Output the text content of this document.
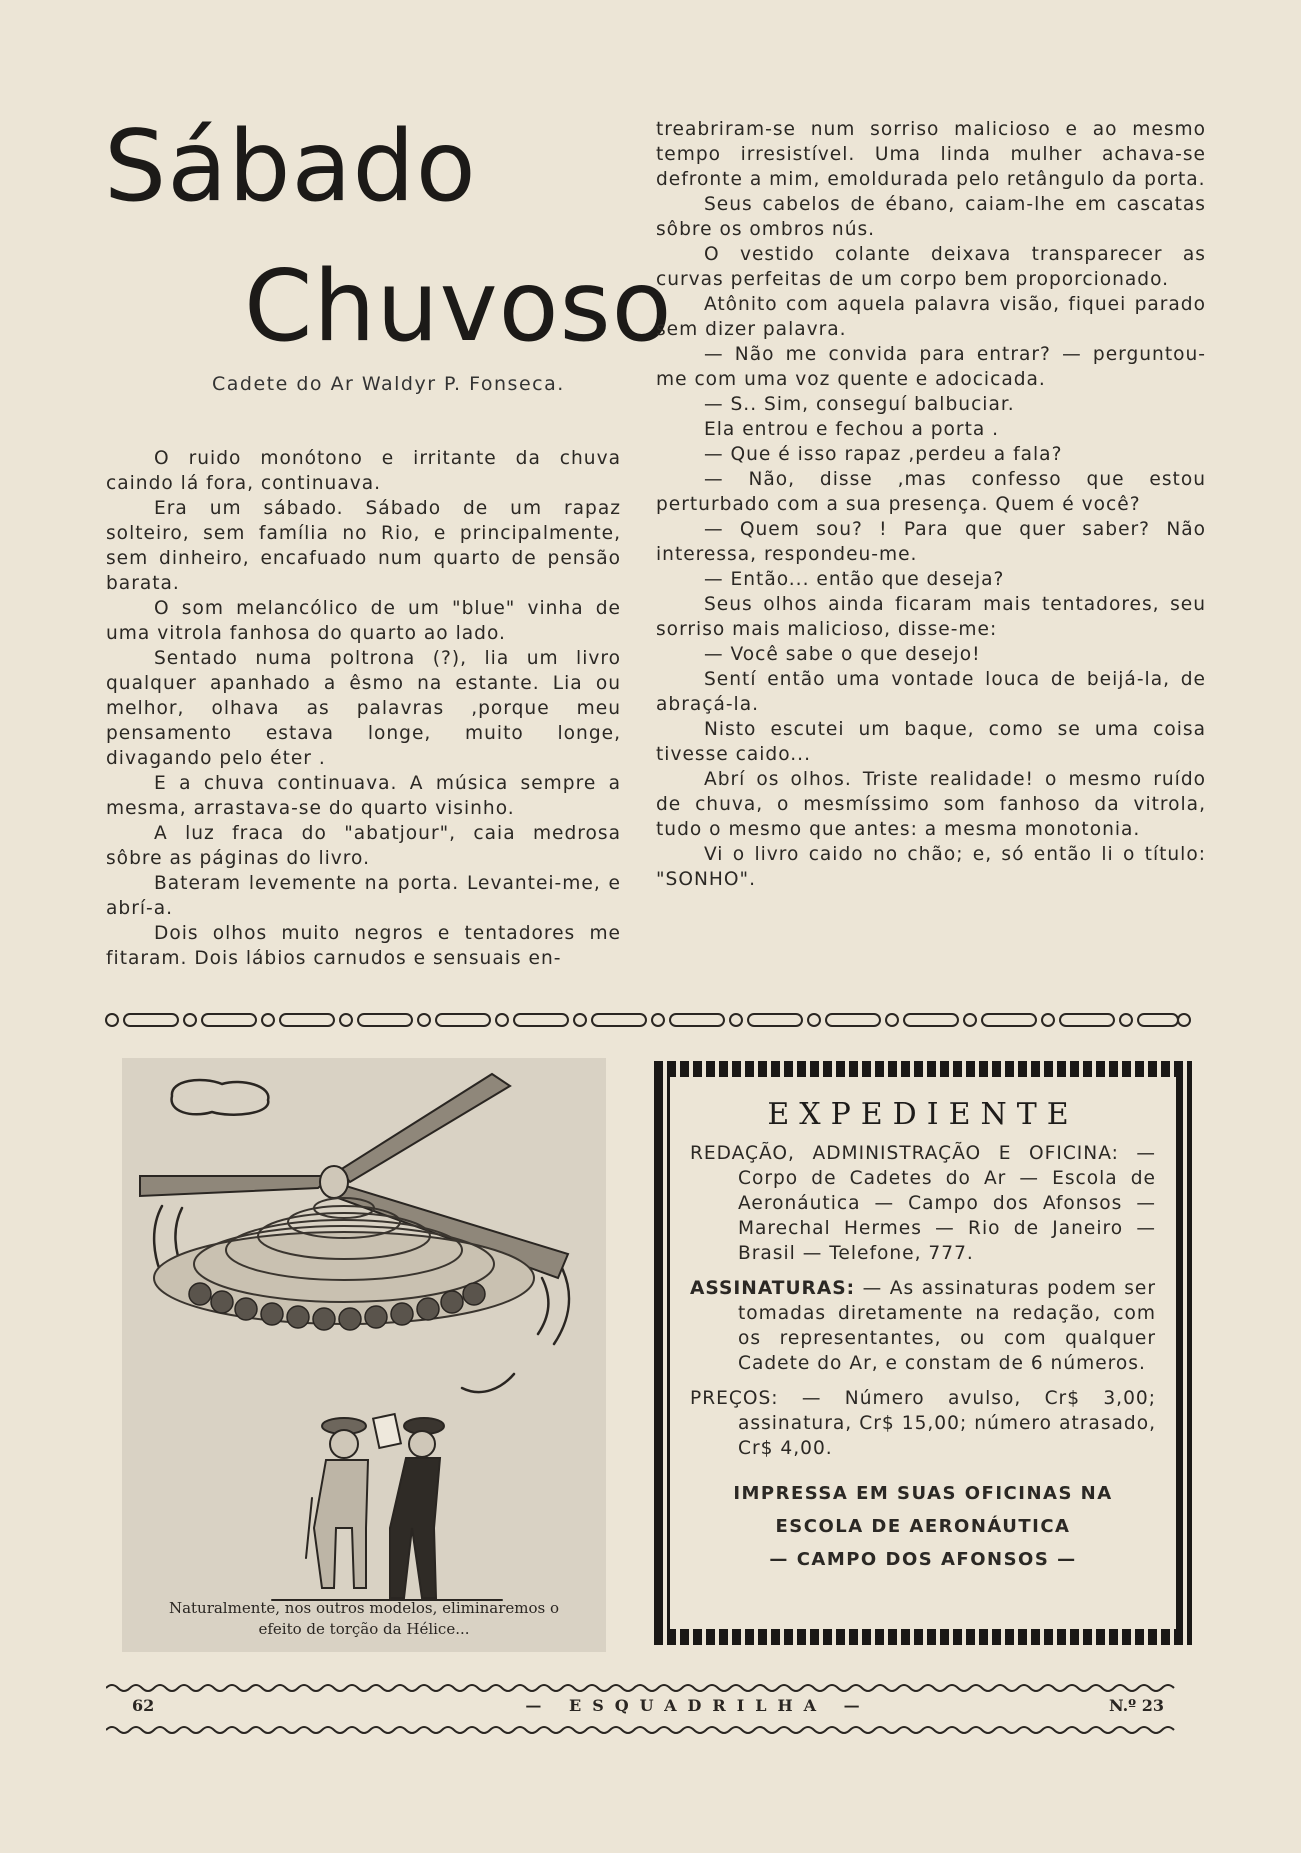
Sábado
Chuvoso
Cadete do Ar Waldyr P. Fonseca.

O ruido monótono e irritante da chuva caindo lá fora, continuava.

Era um sábado. Sábado de um rapaz solteiro, sem família no Rio, e principalmente, sem dinheiro, encafuado num quarto de pensão barata.

O som melancólico de um "blue" vinha de uma vitrola fanhosa do quarto ao lado.

Sentado numa poltrona (?), lia um livro qualquer apanhado a êsmo na estante. Lia ou melhor, olhava as palavras ,porque meu pensamento estava longe, muito longe, divagando pelo éter .

E a chuva continuava. A música sempre a mesma, arrastava-se do quarto visinho.

A luz fraca do "abatjour", caia medrosa sôbre as páginas do livro.

Bateram levemente na porta. Levantei-me, e abrí-a.

Dois olhos muito negros e tentadores me fitaram. Dois lábios carnudos e sensuais en-

treabriram-se num sorriso malicioso e ao mesmo tempo irresistível. Uma linda mulher achava-se defronte a mim, emoldurada pelo retângulo da porta.

Seus cabelos de ébano, caiam-lhe em cascatas sôbre os ombros nús.

O vestido colante deixava transparecer as curvas perfeitas de um corpo bem proporcionado.

Atônito com aquela palavra visão, fiquei parado sem dizer palavra.

— Não me convida para entrar? — perguntou-me com uma voz quente e adocicada.

— S.. Sim, conseguí balbuciar.

Ela entrou e fechou a porta .

— Que é isso rapaz ,perdeu a fala?

— Não, disse ,mas confesso que estou perturbado com a sua presença. Quem é você?

— Quem sou? ! Para que quer saber? Não interessa, respondeu-me.

— Então... então que deseja?

Seus olhos ainda ficaram mais tentadores, seu sorriso mais malicioso, disse-me:

— Você sabe o que desejo!

Sentí então uma vontade louca de beijá-la, de abraçá-la.

Nisto escutei um baque, como se uma coisa tivesse caido...

Abrí os olhos. Triste realidade! o mesmo ruído de chuva, o mesmíssimo som fanhoso da vitrola, tudo o mesmo que antes: a mesma monotonia.

Vi o livro caido no chão; e, só então li o título: "SONHO".

Naturalmente, nos outros modelos, eliminaremos o
efeito de torção da Hélice...
EXPEDIENTE

REDAÇÃO, ADMINISTRAÇÃO E OFICINA: — Corpo de Cadetes do Ar — Escola de Aeronáutica — Campo dos Afonsos — Marechal Hermes — Rio de Janeiro — Brasil — Telefone, 777.

ASSINATURAS: — As assinaturas podem ser tomadas diretamente na redação, com os representantes, ou com qualquer Cadete do Ar, e constam de 6 números.

PREÇOS: — Número avulso, Cr$ 3,00; assinatura, Cr$ 15,00; número atrasado, Cr$ 4,00.

IMPRESSA EM SUAS OFICINAS NA
ESCOLA DE AERONÁUTICA
— CAMPO DOS AFONSOS —
62	— ESQUADRILHA —	N.º 23
